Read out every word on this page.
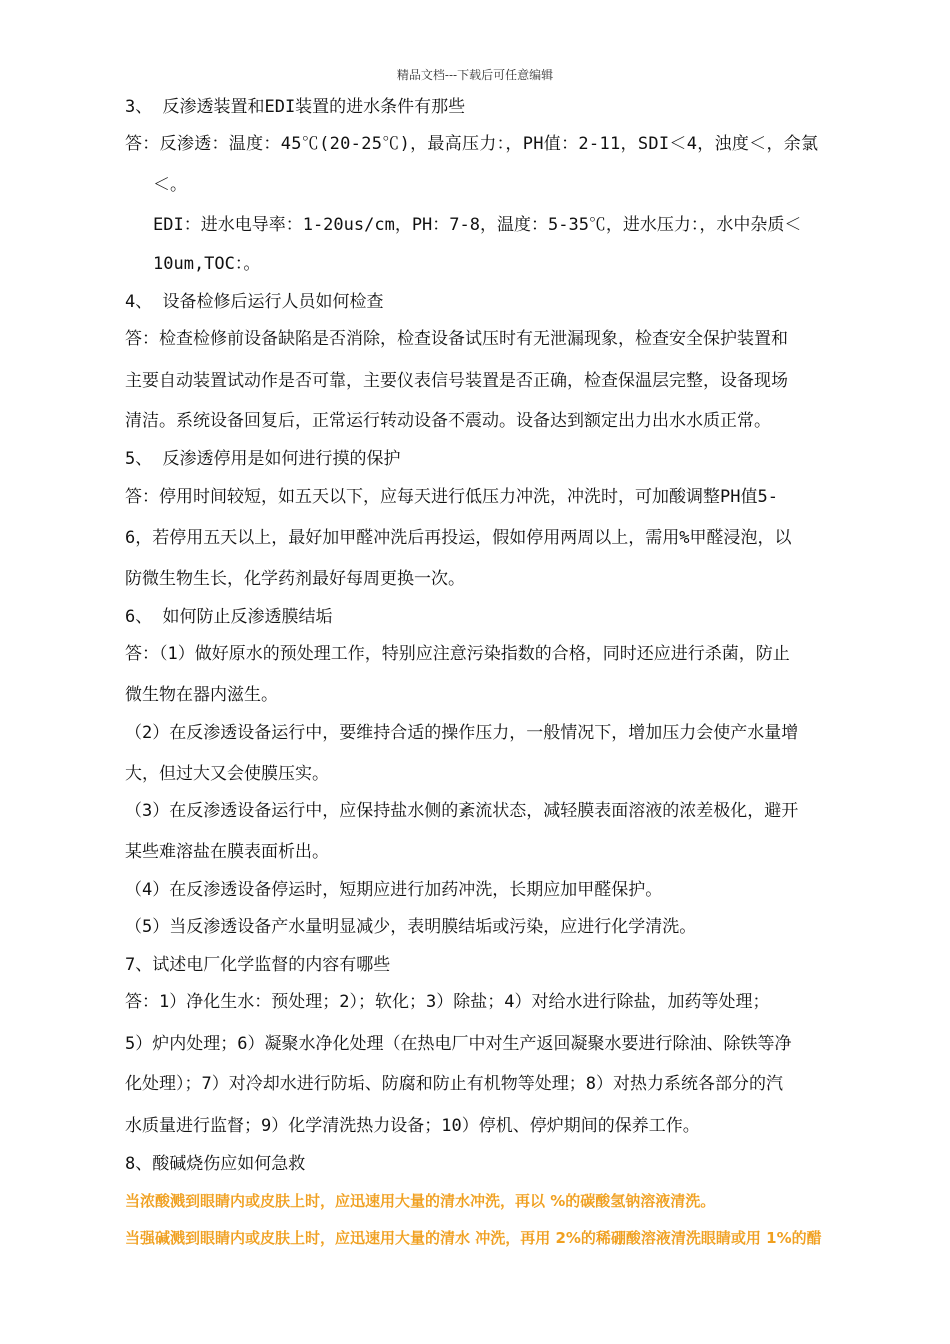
精品文档---下载后可任意编辑
3、 反渗透装置和EDI装置的进水条件有那些
答：反渗透：温度：45℃(20-25℃)，最高压力：，PH值：2-11，SDI＜4，浊度＜，余氯
＜。
EDI：进水电导率：1-20us/cm，PH：7-8，温度：5-35℃，进水压力：，水中杂质＜
10um,TOC：。
4、 设备检修后运行人员如何检查
答：检查检修前设备缺陷是否消除，检查设备试压时有无泄漏现象，检查安全保护装置和
主要自动装置试动作是否可靠，主要仪表信号装置是否正确，检查保温层完整，设备现场
清洁。系统设备回复后，正常运行转动设备不震动。设备达到额定出力出水水质正常。
5、 反渗透停用是如何进行摸的保护
答：停用时间较短，如五天以下，应每天进行低压力冲洗，冲洗时，可加酸调整PH值5-
6，若停用五天以上，最好加甲醛冲洗后再投运，假如停用两周以上，需用%甲醛浸泡，以
防微生物生长，化学药剂最好每周更换一次。
6、 如何防止反渗透膜结垢
答：（1）做好原水的预处理工作，特别应注意污染指数的合格，同时还应进行杀菌，防止
微生物在器内滋生。
（2）在反渗透设备运行中，要维持合适的操作压力，一般情况下，增加压力会使产水量增
大，但过大又会使膜压实。
（3）在反渗透设备运行中，应保持盐水侧的紊流状态，减轻膜表面溶液的浓差极化，避开
某些难溶盐在膜表面析出。
（4）在反渗透设备停运时，短期应进行加药冲洗，长期应加甲醛保护。
（5）当反渗透设备产水量明显减少，表明膜结垢或污染，应进行化学清洗。
7、试述电厂化学监督的内容有哪些
答：1）净化生水：预处理；2）；软化；3）除盐；4）对给水进行除盐，加药等处理；
5）炉内处理；6）凝聚水净化处理（在热电厂中对生产返回凝聚水要进行除油、除铁等净
化处理）；7）对冷却水进行防垢、防腐和防止有机物等处理；8）对热力系统各部分的汽
水质量进行监督；9）化学清洗热力设备；10）停机、停炉期间的保养工作。
8、酸碱烧伤应如何急救
当浓酸溅到眼睛内或皮肤上时，应迅速用大量的清水冲洗，再以 %的碳酸氢钠溶液清洗。
当强碱溅到眼睛内或皮肤上时，应迅速用大量的清水 冲洗，再用 2%的稀硼酸溶液清洗眼睛或用 1%的醋
